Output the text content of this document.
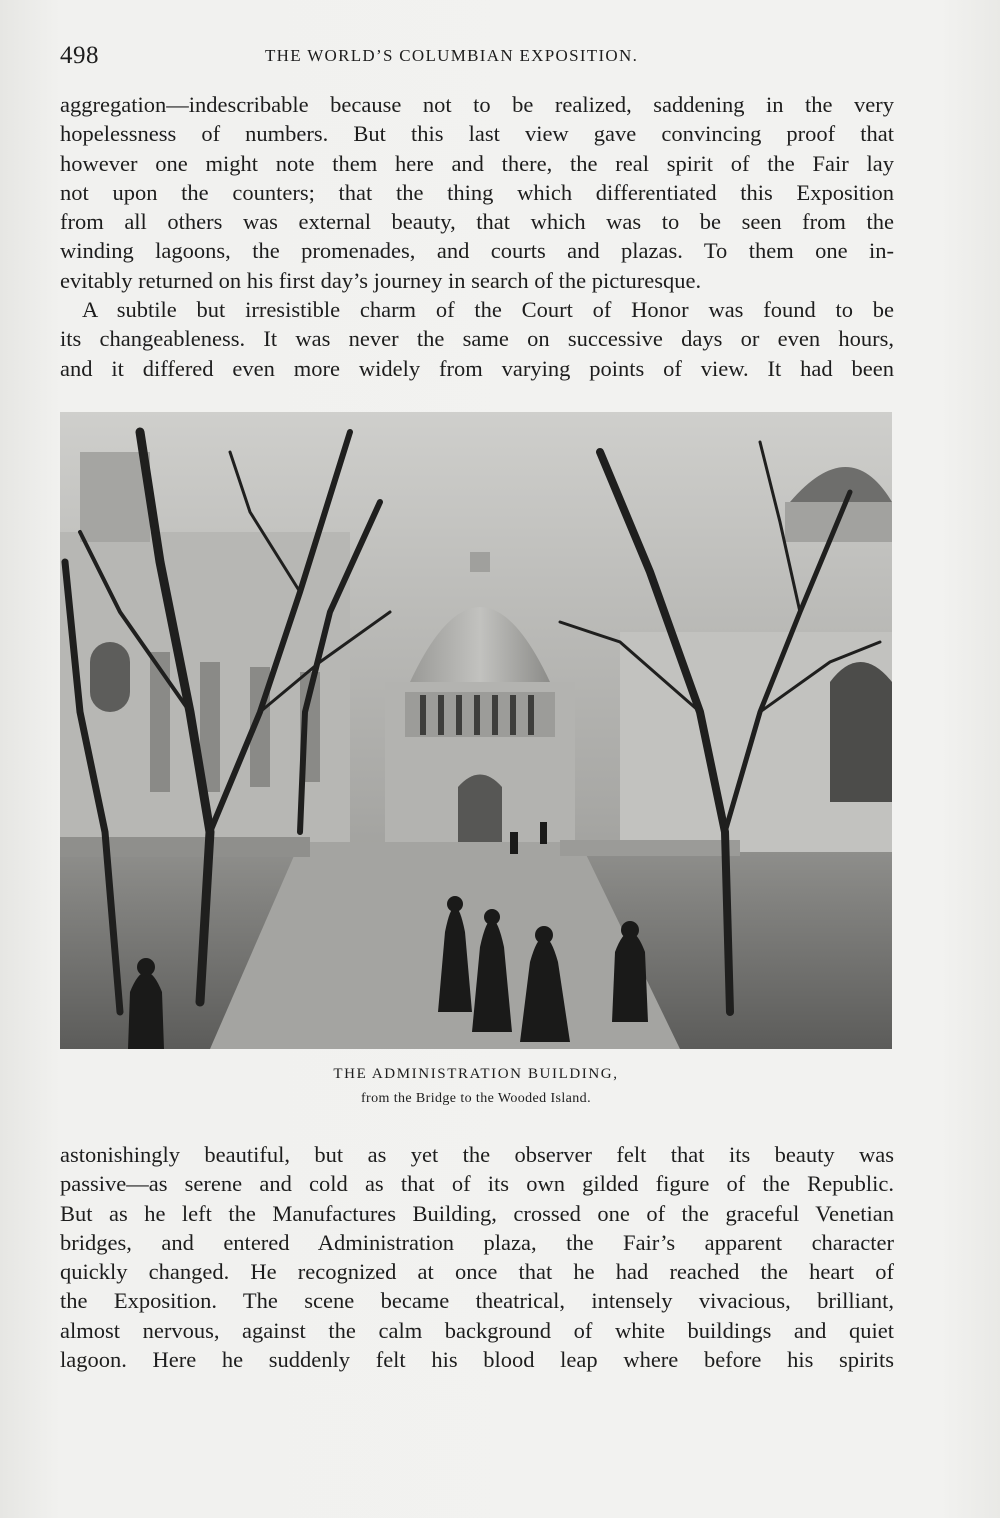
498	THE WORLD’S COLUMBIAN EXPOSITION.
aggregation—indescribable because not to be realized, saddening in the very
hopelessness of numbers. But this last view gave convincing proof that
however one might note them here and there, the real spirit of the Fair lay
not upon the counters; that the thing which differentiated this Exposition
from all others was external beauty, that which was to be seen from the
winding lagoons, the promenades, and courts and plazas. To them one in-
evitably returned on his first day’s journey in search of the picturesque.
A subtile but irresistible charm of the Court of Honor was found to be
its changeableness. It was never the same on successive days or even hours,
and it differed even more widely from varying points of view. It had been
THE ADMINISTRATION BUILDING,
from the Bridge to the Wooded Island.
astonishingly beautiful, but as yet the observer felt that its beauty was
passive—as serene and cold as that of its own gilded figure of the Republic.
But as he left the Manufactures Building, crossed one of the graceful Venetian
bridges, and entered Administration plaza, the Fair’s apparent character
quickly changed. He recognized at once that he had reached the heart of
the Exposition. The scene became theatrical, intensely vivacious, brilliant,
almost nervous, against the calm background of white buildings and quiet
lagoon. Here he suddenly felt his blood leap where before his spirits
